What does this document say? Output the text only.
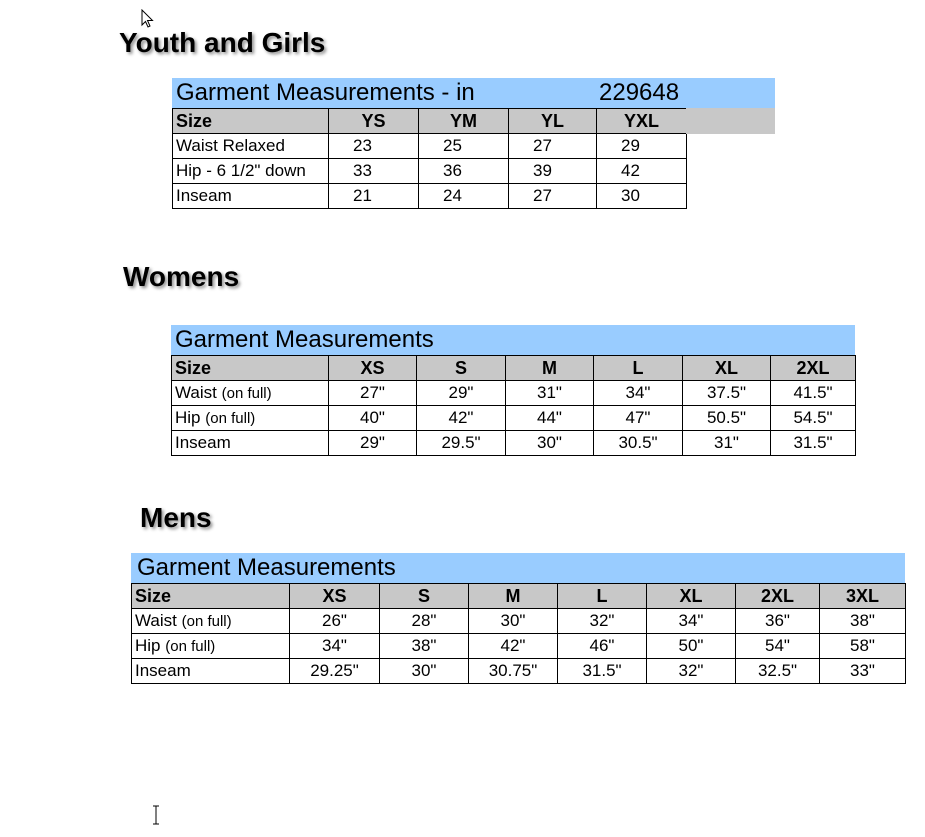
Youth and Girls
Garment Measurements - in	229648
Size	YS	YM	YL	YXL
Waist Relaxed	23	25	27	29
Hip - 6 1/2" down	33	36	39	42
Inseam	21	24	27	30
Womens
Garment Measurements
Size	XS	S	M	L	XL	2XL
Waist (on full)	27"	29"	31"	34"	37.5"	41.5"
Hip (on full)	40"	42"	44"	47"	50.5"	54.5"
Inseam	29"	29.5"	30"	30.5"	31"	31.5"
Mens
Garment Measurements
Size	XS	S	M	L	XL	2XL	3XL
Waist (on full)	26"	28"	30"	32"	34"	36"	38"
Hip (on full)	34"	38"	42"	46"	50"	54"	58"
Inseam	29.25"	30"	30.75"	31.5"	32"	32.5"	33"
